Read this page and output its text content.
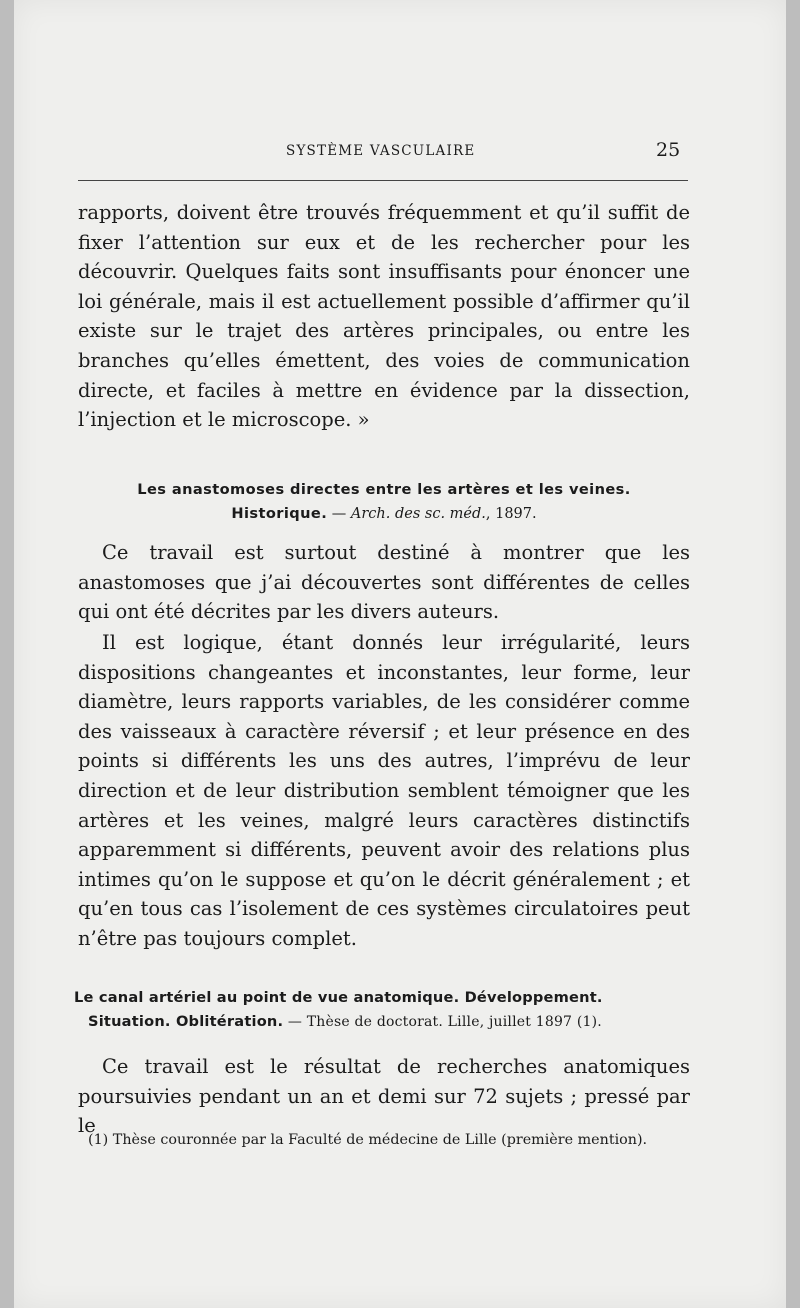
SYSTÈME VASCULAIRE	25

rapports, doivent être trouvés fréquemment et qu’il suffit de fixer l’attention sur eux et de les rechercher pour les découvrir. Quelques faits sont insuffisants pour énoncer une loi générale, mais il est actuellement possible d’affirmer qu’il existe sur le trajet des artères principales, ou entre les branches qu’elles émettent, des voies de communication directe, et faciles à mettre en évidence par la dissection, l’injection et le microscope. »

Les anastomoses directes entre les artères et les veines.
Historique. — Arch. des sc. méd., 1897.

Ce travail est surtout destiné à montrer que les anastomoses que j’ai découvertes sont différentes de celles qui ont été décrites par les divers auteurs.

Il est logique, étant donnés leur irrégularité, leurs dispositions changeantes et inconstantes, leur forme, leur diamètre, leurs rapports variables, de les considérer comme des vaisseaux à caractère réversif ; et leur présence en des points si différents les uns des autres, l’imprévu de leur direction et de leur distribution semblent témoigner que les artères et les veines, malgré leurs caractères distinctifs apparemment si différents, peuvent avoir des relations plus intimes qu’on le suppose et qu’on le décrit généralement ; et qu’en tous cas l’isolement de ces systèmes circulatoires peut n’être pas toujours complet.

Le canal artériel au point de vue anatomique. Développement.
Situation. Oblitération. — Thèse de doctorat. Lille, juillet 1897 (1).

Ce travail est le résultat de recherches anatomiques poursuivies pendant un an et demi sur 72 sujets ; pressé par le

(1) Thèse couronnée par la Faculté de médecine de Lille (première mention).
